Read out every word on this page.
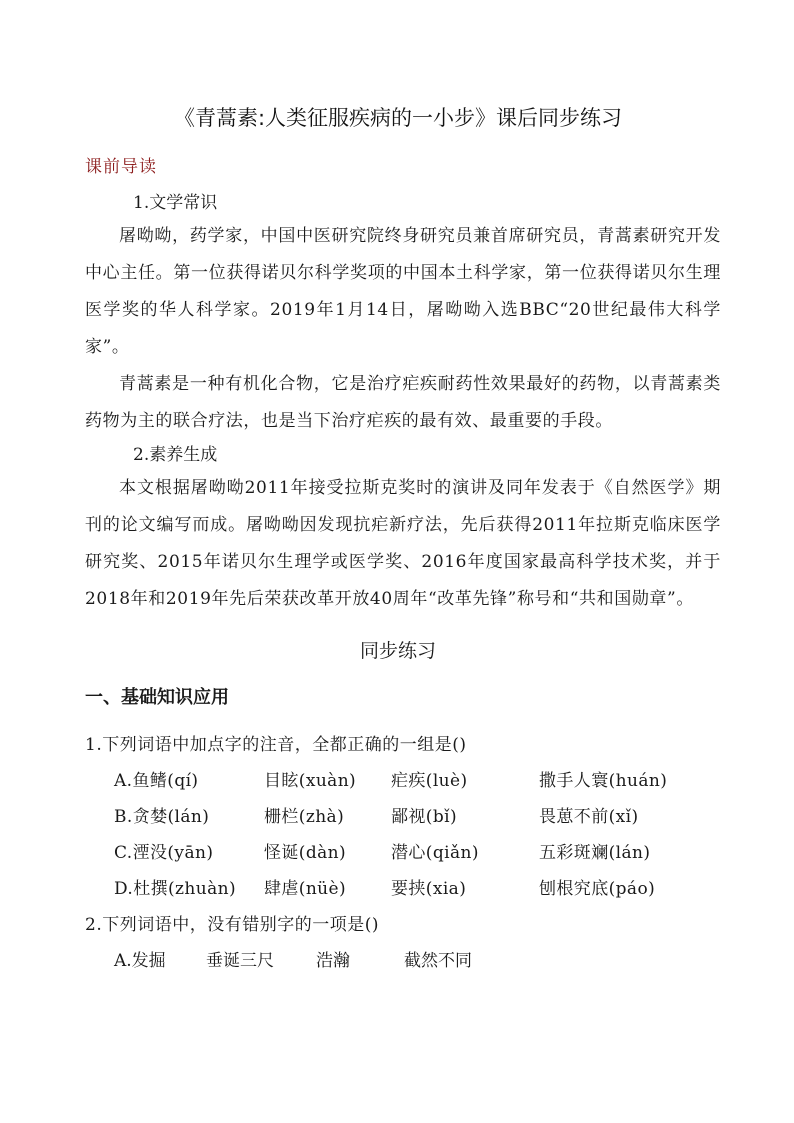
《青蒿素:人类征服疾病的一小步》课后同步练习
课前导读
1.文学常识
屠呦呦，药学家，中国中医研究院终身研究员兼首席研究员，青蒿素研究开发中心主任。第一位获得诺贝尔科学奖项的中国本土科学家，第一位获得诺贝尔生理医学奖的华人科学家。2019年1月14日，屠呦呦入选BBC“20世纪最伟大科学家”。
青蒿素是一种有机化合物，它是治疗疟疾耐药性效果最好的药物，以青蒿素类药物为主的联合疗法，也是当下治疗疟疾的最有效、最重要的手段。
2.素养生成
本文根据屠呦呦2011年接受拉斯克奖时的演讲及同年发表于《自然医学》期刊的论文编写而成。屠呦呦因发现抗疟新疗法，先后获得2011年拉斯克临床医学研究奖、2015年诺贝尔生理学或医学奖、2016年度国家最高科学技术奖，并于2018年和2019年先后荣获改革开放40周年“改革先锋”称号和“共和国勋章”。
同步练习
一、基础知识应用
1.下列词语中加点字的注音，全都正确的一组是()
A.鱼鳍(qí)	目眩(xuàn)	疟疾(luè)	撒手人寰(huán)
B.贪婪(lán)	栅栏(zhà)	鄙视(bǐ)	畏葸不前(xǐ)
C.湮没(yān)	怪诞(dàn)	潜心(qiǎn)	五彩斑斓(lán)
D.杜撰(zhuàn)	肆虐(nüè)	要挟(xia)	刨根究底(páo)
2.下列词语中，没有错别字的一项是()
A.发掘	垂诞三尺	浩瀚	截然不同
